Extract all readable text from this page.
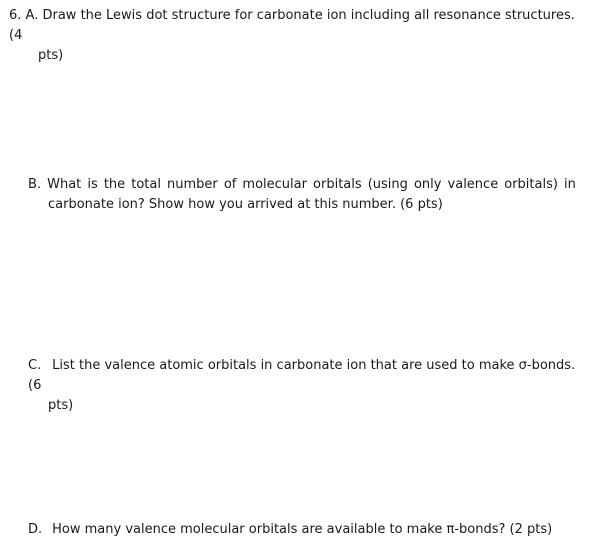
6. A. Draw the Lewis dot structure for carbonate ion including all resonance structures. (4
pts)
B. What is the total number of molecular orbitals (using only valence orbitals) in
carbonate ion? Show how you arrived at this number. (6 pts)
C. List the valence atomic orbitals in carbonate ion that are used to make σ-bonds. (6
pts)
D. How many valence molecular orbitals are available to make π-bonds? (2 pts)
